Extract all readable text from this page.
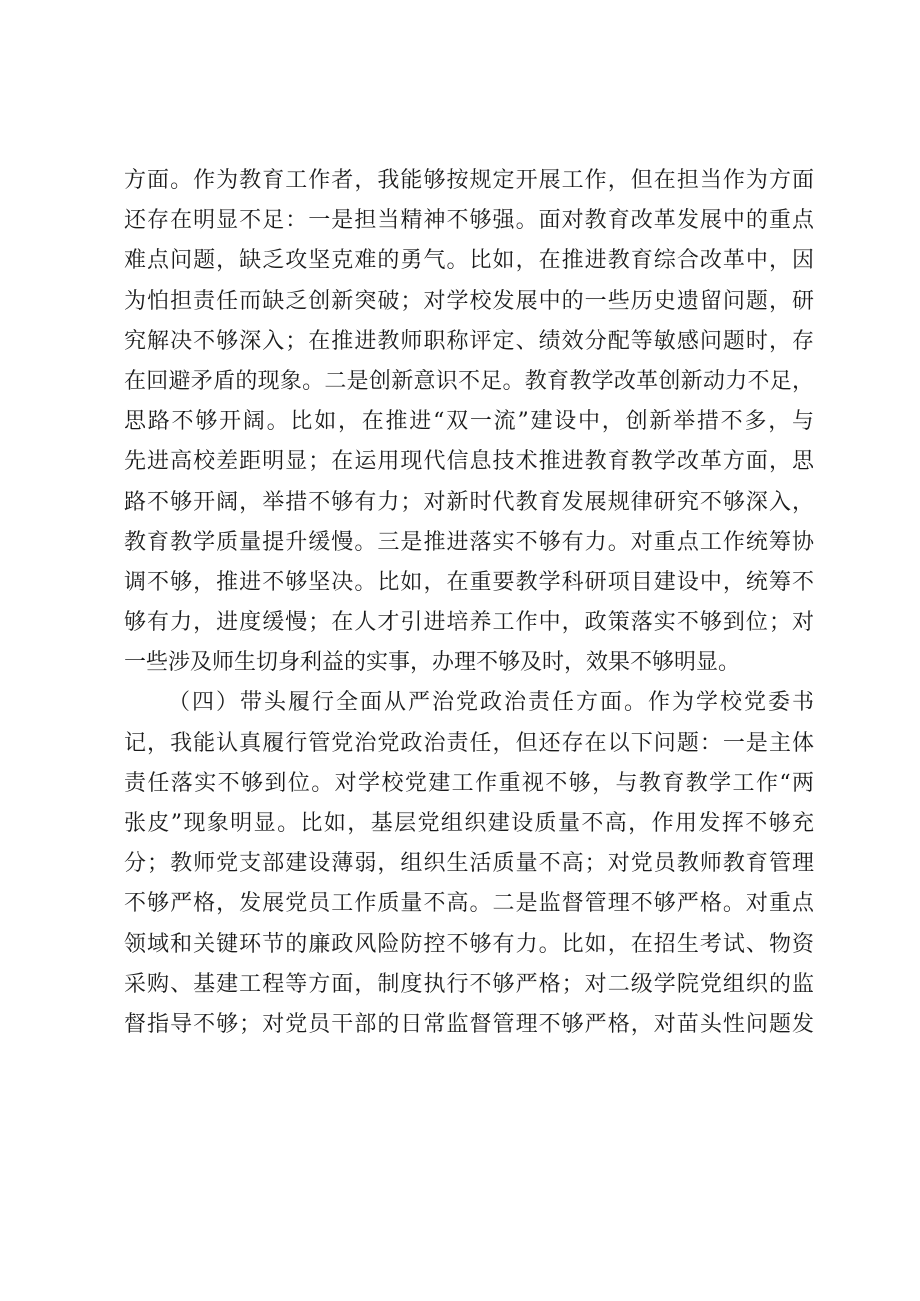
方面。作为教育工作者，我能够按规定开展工作，但在担当作为方面
还存在明显不足：一是担当精神不够强。面对教育改革发展中的重点
难点问题，缺乏攻坚克难的勇气。比如，在推进教育综合改革中，因
为怕担责任而缺乏创新突破；对学校发展中的一些历史遗留问题，研
究解决不够深入；在推进教师职称评定、绩效分配等敏感问题时，存
在回避矛盾的现象。二是创新意识不足。教育教学改革创新动力不足，
思路不够开阔。比如，在推进“双一流”建设中，创新举措不多，与
先进高校差距明显；在运用现代信息技术推进教育教学改革方面，思
路不够开阔，举措不够有力；对新时代教育发展规律研究不够深入，
教育教学质量提升缓慢。三是推进落实不够有力。对重点工作统筹协
调不够，推进不够坚决。比如，在重要教学科研项目建设中，统筹不
够有力，进度缓慢；在人才引进培养工作中，政策落实不够到位；对
一些涉及师生切身利益的实事，办理不够及时，效果不够明显。
（四）带头履行全面从严治党政治责任方面。作为学校党委书
记，我能认真履行管党治党政治责任，但还存在以下问题：一是主体
责任落实不够到位。对学校党建工作重视不够，与教育教学工作“两
张皮”现象明显。比如，基层党组织建设质量不高，作用发挥不够充
分；教师党支部建设薄弱，组织生活质量不高；对党员教师教育管理
不够严格，发展党员工作质量不高。二是监督管理不够严格。对重点
领域和关键环节的廉政风险防控不够有力。比如，在招生考试、物资
采购、基建工程等方面，制度执行不够严格；对二级学院党组织的监
督指导不够；对党员干部的日常监督管理不够严格，对苗头性问题发
